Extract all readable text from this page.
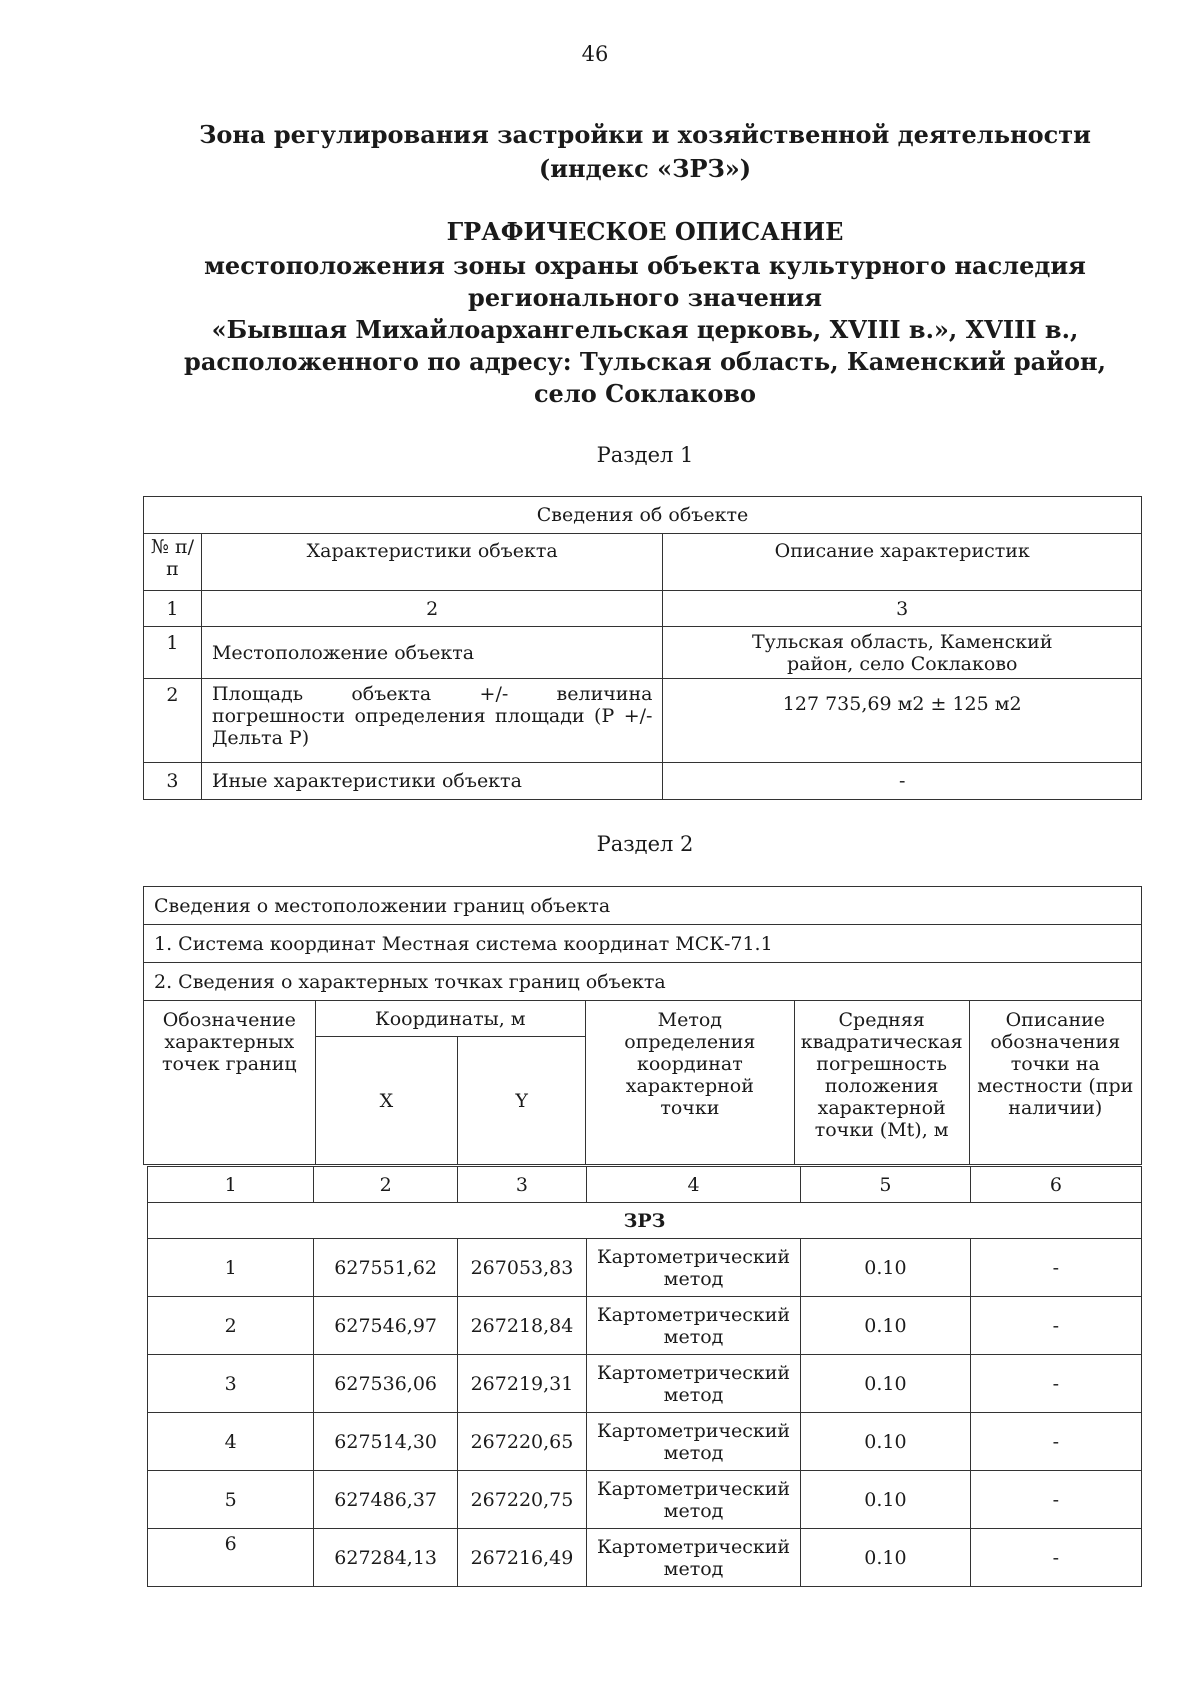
46
Зона регулирования застройки и хозяйственной деятельности
(индекс «ЗРЗ»)
ГРАФИЧЕСКОЕ ОПИСАНИЕ
местоположения зоны охраны объекта культурного наследия
регионального значения
«Бывшая Михайлоархангельская церковь, XVIII в.», XVIII в.,
расположенного по адресу: Тульская область, Каменский район,
село Соклаково
Раздел 1
Сведения об объекте		
№ п/п	Характеристики объекта	Описание характеристик
1	2	3
1	Местоположение объекта	Тульская область, Каменский район, село Соклаково
2	Площадь объекта +/- величина погрешности определения площади (Р +/- Дельта Р)	127 735,69 м2 ± 125 м2
3	Иные характеристики объекта	-
Раздел 2
Сведения о местоположении границ объекта					
1. Система координат Местная система координат МСК-71.1					
2. Сведения о характерных точках границ объекта					
Обозначение характерных точек границ	Координаты, м		Метод определения координат характерной точки	Средняя квадратическая погрешность положения характерной точки (Mt), м	Описание обозначения точки на местности (при наличии)
	X	Y			
1	2	3	4	5	6
ЗРЗ					
1	627551,62	267053,83	Картометрический метод	0.10	-
2	627546,97	267218,84	Картометрический метод	0.10	-
3	627536,06	267219,31	Картометрический метод	0.10	-
4	627514,30	267220,65	Картометрический метод	0.10	-
5	627486,37	267220,75	Картометрический метод	0.10	-
6	627284,13	267216,49	Картометрический метод	0.10	-
